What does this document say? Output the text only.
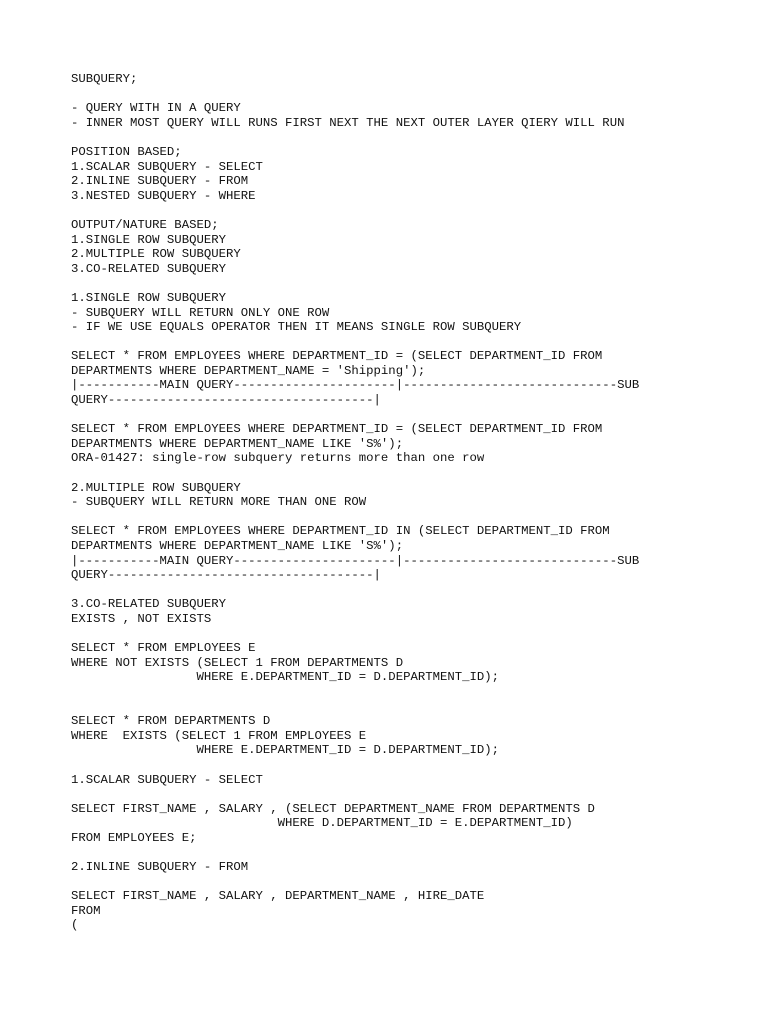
SUBQUERY;
- QUERY WITH IN A QUERY
- INNER MOST QUERY WILL RUNS FIRST NEXT THE NEXT OUTER LAYER QIERY WILL RUN
POSITION BASED;
1.SCALAR SUBQUERY - SELECT
2.INLINE SUBQUERY - FROM
3.NESTED SUBQUERY - WHERE
OUTPUT/NATURE BASED;
1.SINGLE ROW SUBQUERY
2.MULTIPLE ROW SUBQUERY
3.CO-RELATED SUBQUERY
1.SINGLE ROW SUBQUERY
- SUBQUERY WILL RETURN ONLY ONE ROW
- IF WE USE EQUALS OPERATOR THEN IT MEANS SINGLE ROW SUBQUERY
SELECT * FROM EMPLOYEES WHERE DEPARTMENT_ID = (SELECT DEPARTMENT_ID FROM
DEPARTMENTS WHERE DEPARTMENT_NAME = 'Shipping');
|-----------MAIN QUERY----------------------|-----------------------------SUB
QUERY------------------------------------|
SELECT * FROM EMPLOYEES WHERE DEPARTMENT_ID = (SELECT DEPARTMENT_ID FROM
DEPARTMENTS WHERE DEPARTMENT_NAME LIKE 'S%');
ORA-01427: single-row subquery returns more than one row
2.MULTIPLE ROW SUBQUERY
- SUBQUERY WILL RETURN MORE THAN ONE ROW
SELECT * FROM EMPLOYEES WHERE DEPARTMENT_ID IN (SELECT DEPARTMENT_ID FROM
DEPARTMENTS WHERE DEPARTMENT_NAME LIKE 'S%');
|-----------MAIN QUERY----------------------|-----------------------------SUB
QUERY------------------------------------|
3.CO-RELATED SUBQUERY
EXISTS , NOT EXISTS
SELECT * FROM EMPLOYEES E
WHERE NOT EXISTS (SELECT 1 FROM DEPARTMENTS D
WHERE E.DEPARTMENT_ID = D.DEPARTMENT_ID);
SELECT * FROM DEPARTMENTS D
WHERE  EXISTS (SELECT 1 FROM EMPLOYEES E
WHERE E.DEPARTMENT_ID = D.DEPARTMENT_ID);
1.SCALAR SUBQUERY - SELECT
SELECT FIRST_NAME , SALARY , (SELECT DEPARTMENT_NAME FROM DEPARTMENTS D
WHERE D.DEPARTMENT_ID = E.DEPARTMENT_ID)
FROM EMPLOYEES E;
2.INLINE SUBQUERY - FROM
SELECT FIRST_NAME , SALARY , DEPARTMENT_NAME , HIRE_DATE
FROM
(
